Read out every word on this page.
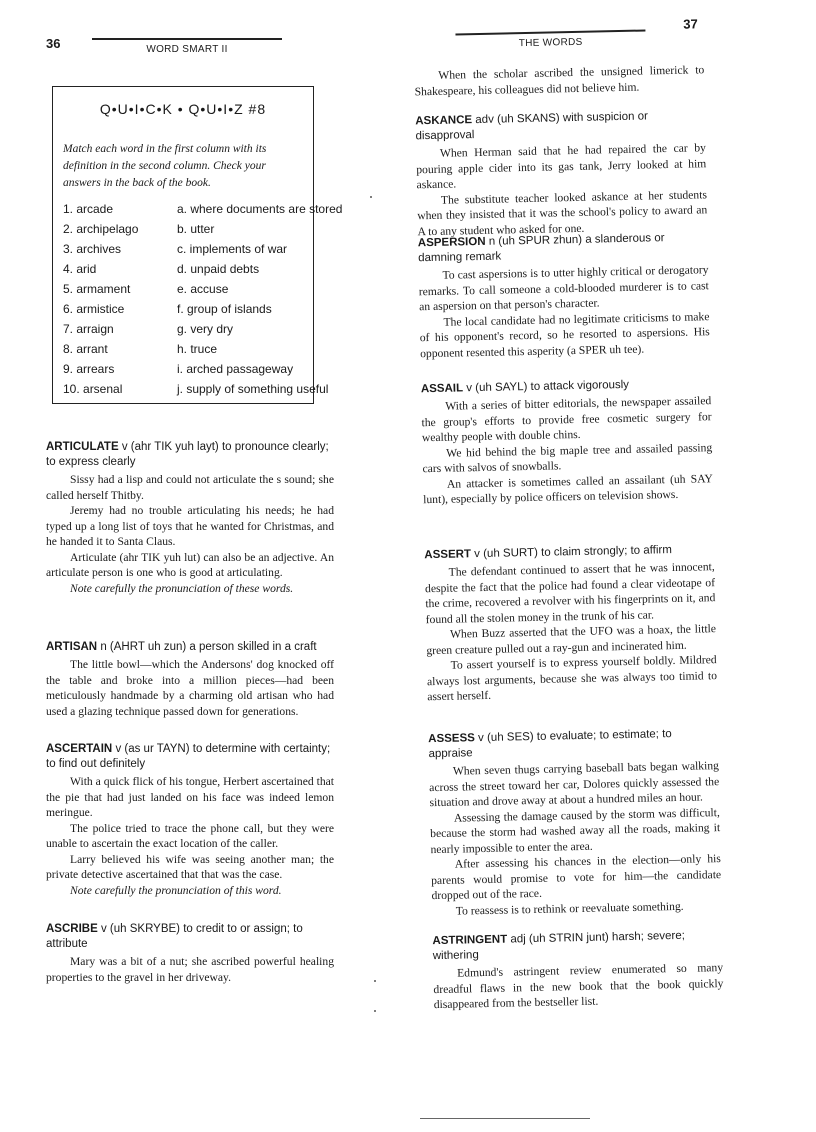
36	WORD SMART II
Q•U•I•C•K • Q•U•I•Z #8
Match each word in the first column with its definition in the second column. Check your answers in the back of the book.
1. arcade	a. where documents are stored
2. archipelago	b. utter
3. archives	c. implements of war
4. arid	d. unpaid debts
5. armament	e. accuse
6. armistice	f. group of islands
7. arraign	g. very dry
8. arrant	h. truce
9. arrears	i. arched passageway
10. arsenal	j. supply of something useful
ARTICULATE v (ahr TIK yuh layt) to pronounce clearly; to express clearly

Sissy had a lisp and could not articulate the s sound; she called herself Thitby.

Jeremy had no trouble articulating his needs; he had typed up a long list of toys that he wanted for Christmas, and he handed it to Santa Claus.

Articulate (ahr TIK yuh lut) can also be an adjective. An articulate person is one who is good at articulating.

Note carefully the pronunciation of these words.

ARTISAN n (AHRT uh zun) a person skilled in a craft

The little bowl—which the Andersons' dog knocked off the table and broke into a million pieces—had been meticulously handmade by a charming old artisan who had used a glazing technique passed down for generations.

ASCERTAIN v (as ur TAYN) to determine with certainty; to find out definitely

With a quick flick of his tongue, Herbert ascertained that the pie that had just landed on his face was indeed lemon meringue.

The police tried to trace the phone call, but they were unable to ascertain the exact location of the caller.

Larry believed his wife was seeing another man; the private detective ascertained that that was the case.

Note carefully the pronunciation of this word.

ASCRIBE v (uh SKRYBE) to credit to or assign; to attribute

Mary was a bit of a nut; she ascribed powerful healing properties to the gravel in her driveway.

37
THE WORDS

When the scholar ascribed the unsigned limerick to Shakespeare, his colleagues did not believe him.

ASKANCE adv (uh SKANS) with suspicion or disapproval

When Herman said that he had repaired the car by pouring apple cider into its gas tank, Jerry looked at him askance.

The substitute teacher looked askance at her students when they insisted that it was the school's policy to award an A to any student who asked for one.

ASPERSION n (uh SPUR zhun) a slanderous or damning remark

To cast aspersions is to utter highly critical or derogatory remarks. To call someone a cold-blooded murderer is to cast an aspersion on that person's character.

The local candidate had no legitimate criticisms to make of his opponent's record, so he resorted to aspersions. His opponent resented this asperity (a SPER uh tee).

ASSAIL v (uh SAYL) to attack vigorously

With a series of bitter editorials, the newspaper assailed the group's efforts to provide free cosmetic surgery for wealthy people with double chins.

We hid behind the big maple tree and assailed passing cars with salvos of snowballs.

An attacker is sometimes called an assailant (uh SAY lunt), especially by police officers on television shows.

ASSERT v (uh SURT) to claim strongly; to affirm

The defendant continued to assert that he was innocent, despite the fact that the police had found a clear videotape of the crime, recovered a revolver with his fingerprints on it, and found all the stolen money in the trunk of his car.

When Buzz asserted that the UFO was a hoax, the little green creature pulled out a ray-gun and incinerated him.

To assert yourself is to express yourself boldly. Mildred always lost arguments, because she was always too timid to assert herself.

ASSESS v (uh SES) to evaluate; to estimate; to appraise

When seven thugs carrying baseball bats began walking across the street toward her car, Dolores quickly assessed the situation and drove away at about a hundred miles an hour.

Assessing the damage caused by the storm was difficult, because the storm had washed away all the roads, making it nearly impossible to enter the area.

After assessing his chances in the election—only his parents would promise to vote for him—the candidate dropped out of the race.

To reassess is to rethink or reevaluate something.

ASTRINGENT adj (uh STRIN junt) harsh; severe; withering

Edmund's astringent review enumerated so many dreadful flaws in the new book that the book quickly disappeared from the bestseller list.
